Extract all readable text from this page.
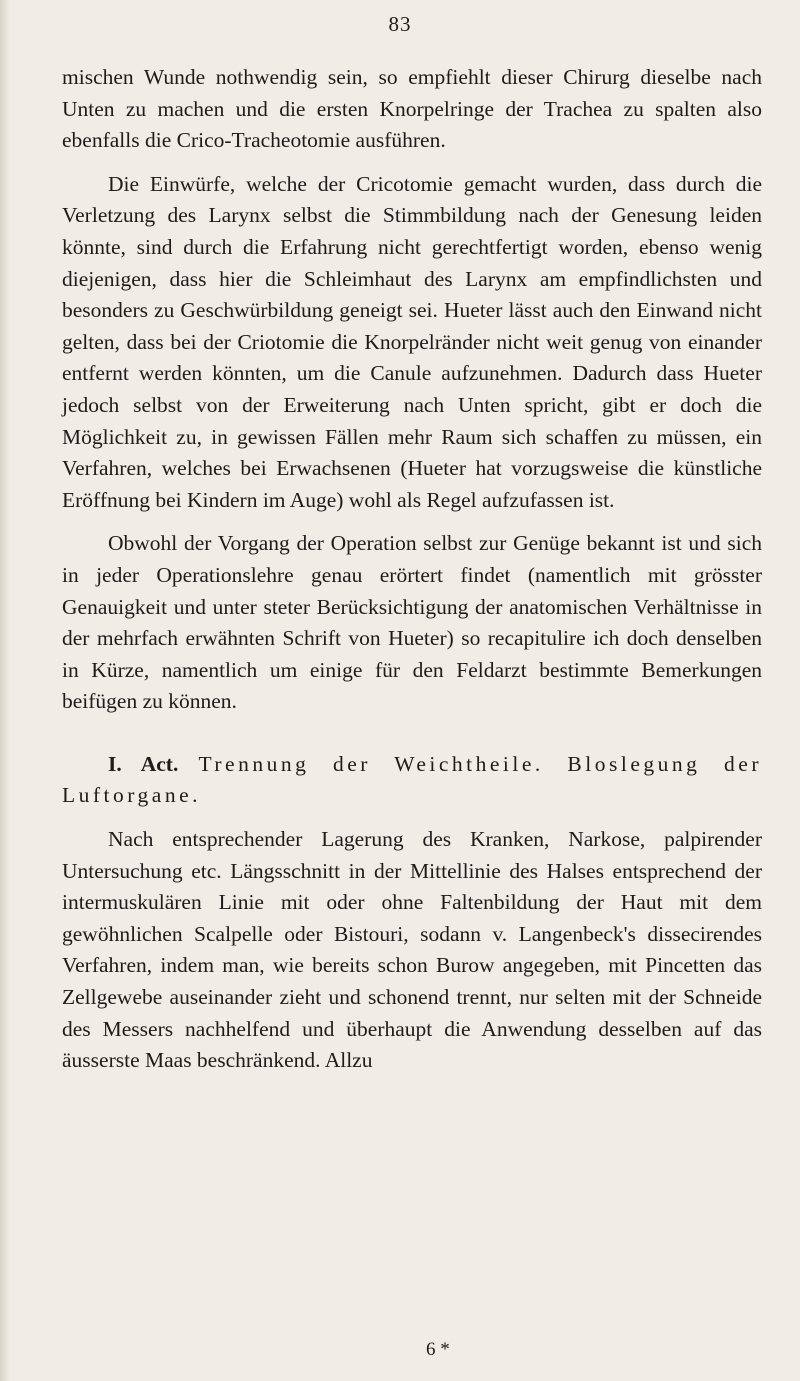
83

mischen Wunde nothwendig sein, so empfiehlt dieser Chirurg dieselbe nach Unten zu machen und die ersten Knorpelringe der Trachea zu spalten also ebenfalls die Crico-Tracheotomie ausführen.

Die Einwürfe, welche der Cricotomie gemacht wurden, dass durch die Verletzung des Larynx selbst die Stimmbildung nach der Genesung leiden könnte, sind durch die Erfahrung nicht gerechtfertigt worden, ebenso wenig diejenigen, dass hier die Schleimhaut des Larynx am empfindlichsten und besonders zu Geschwürbildung geneigt sei. Hueter lässt auch den Einwand nicht gelten, dass bei der Criotomie die Knorpelränder nicht weit genug von einander entfernt werden könnten, um die Canule aufzunehmen. Dadurch dass Hueter jedoch selbst von der Erweiterung nach Unten spricht, gibt er doch die Möglichkeit zu, in gewissen Fällen mehr Raum sich schaffen zu müssen, ein Verfahren, welches bei Erwachsenen (Hueter hat vorzugsweise die künstliche Eröffnung bei Kindern im Auge) wohl als Regel aufzufassen ist.

Obwohl der Vorgang der Operation selbst zur Genüge bekannt ist und sich in jeder Operationslehre genau erörtert findet (namentlich mit grösster Genauigkeit und unter steter Berücksichtigung der anatomischen Verhältnisse in der mehrfach erwähnten Schrift von Hueter) so recapitulire ich doch denselben in Kürze, namentlich um einige für den Feldarzt bestimmte Bemerkungen beifügen zu können.

I. Act. Trennung der Weichtheile. Bloslegung der Luftorgane.

Nach entsprechender Lagerung des Kranken, Narkose, palpirender Untersuchung etc. Längsschnitt in der Mittellinie des Halses entsprechend der intermuskulären Linie mit oder ohne Faltenbildung der Haut mit dem gewöhnlichen Scalpelle oder Bistouri, sodann v. Langenbeck's dissecirendes Verfahren, indem man, wie bereits schon Burow angegeben, mit Pincetten das Zellgewebe auseinander zieht und schonend trennt, nur selten mit der Schneide des Messers nachhelfend und überhaupt die Anwendung desselben auf das äusserste Maas beschränkend. Allzu

6 *
